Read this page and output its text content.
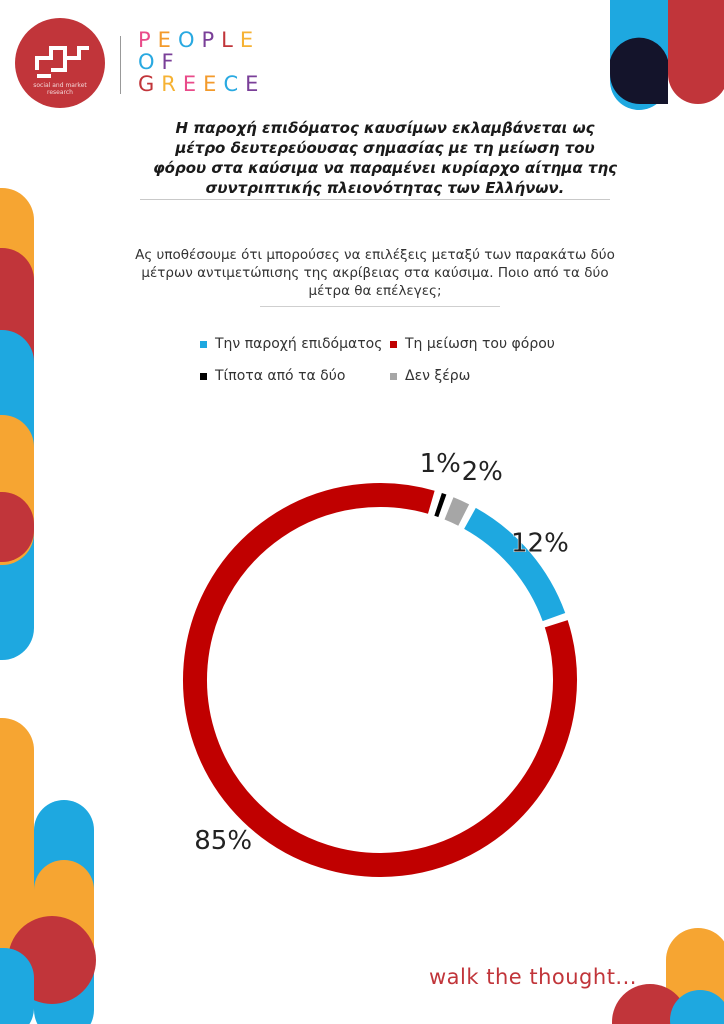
12%
85%
1% 2%
social and market research
PEOPLE
OF
GREECE
Η παροχή επιδόματος καυσίμων εκλαμβάνεται ως μέτρο δευτερεύουσας σημασίας με τη μείωση του φόρου στα καύσιμα να παραμένει κυρίαρχο αίτημα της συντριπτικής πλειονότητας των Ελλήνων.
Ας υποθέσουμε ότι μπορούσες να επιλέξεις μεταξύ των παρακάτω δύο μέτρων αντιμετώπισης της ακρίβειας στα καύσιμα. Ποιο από τα δύο μέτρα θα επέλεγες;
Την παροχή επιδόματος Τη μείωση του φόρου
Τίποτα από τα δύο	Δεν ξέρω
walk the thought...
